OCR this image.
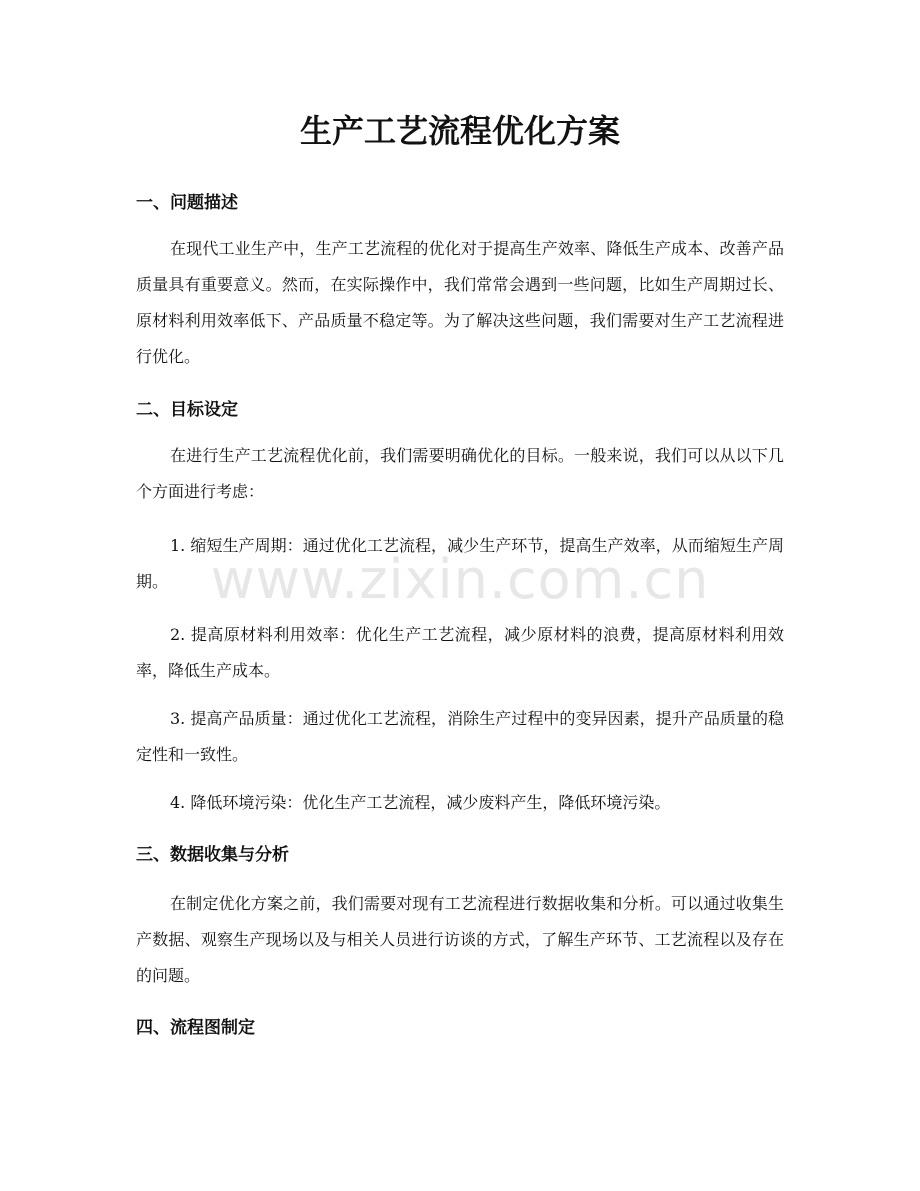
生产工艺流程优化方案
一、问题描述

在现代工业生产中，生产工艺流程的优化对于提高生产效率、降低生产成本、改善产品质量具有重要意义。然而，在实际操作中，我们常常会遇到一些问题，比如生产周期过长、原材料利用效率低下、产品质量不稳定等。为了解决这些问题，我们需要对生产工艺流程进行优化。

二、目标设定

在进行生产工艺流程优化前，我们需要明确优化的目标。一般来说，我们可以从以下几个方面进行考虑：

1. 缩短生产周期：通过优化工艺流程，减少生产环节，提高生产效率，从而缩短生产周期。

2. 提高原材料利用效率：优化生产工艺流程，减少原材料的浪费，提高原材料利用效率，降低生产成本。

3. 提高产品质量：通过优化工艺流程，消除生产过程中的变异因素，提升产品质量的稳定性和一致性。

4. 降低环境污染：优化生产工艺流程，减少废料产生，降低环境污染。

三、数据收集与分析

在制定优化方案之前，我们需要对现有工艺流程进行数据收集和分析。可以通过收集生产数据、观察生产现场以及与相关人员进行访谈的方式，了解生产环节、工艺流程以及存在的问题。

四、流程图制定
www.zixin.com.cn
